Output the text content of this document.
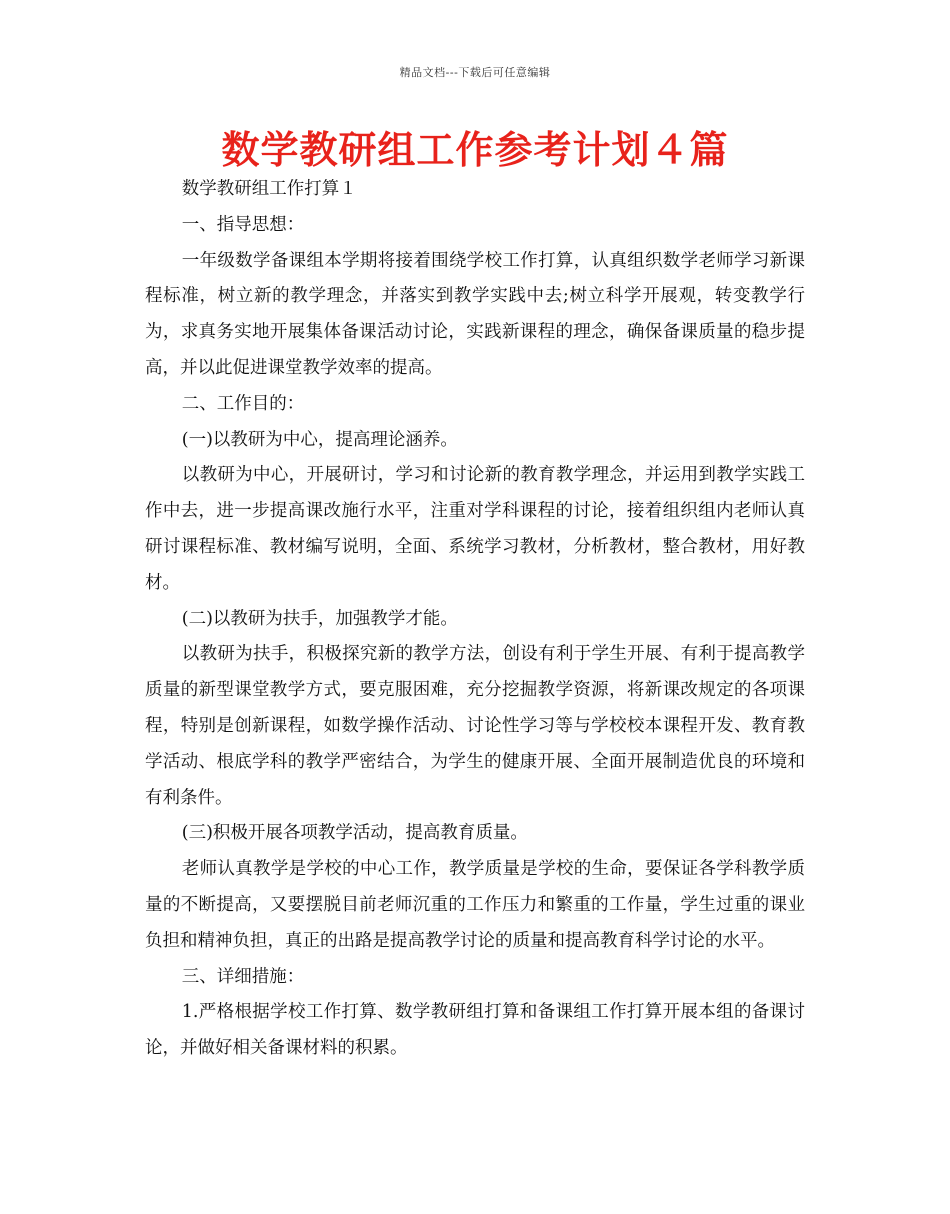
精品文档---下载后可任意编辑
数学教研组工作参考计划４篇

数学教研组工作打算１

一、指导思想：

一年级数学备课组本学期将接着围绕学校工作打算，认真组织数学老师学习新课程标准，树立新的教学理念，并落实到教学实践中去;树立科学开展观，转变教学行为，求真务实地开展集体备课活动讨论，实践新课程的理念，确保备课质量的稳步提高，并以此促进课堂教学效率的提高。

二、工作目的：

(一)以教研为中心，提高理论涵养。

以教研为中心，开展研讨，学习和讨论新的教育教学理念，并运用到教学实践工作中去，进一步提高课改施行水平，注重对学科课程的讨论，接着组织组内老师认真研讨课程标准、教材编写说明，全面、系统学习教材，分析教材，整合教材，用好教材。

(二)以教研为扶手，加强教学才能。

以教研为扶手，积极探究新的教学方法，创设有利于学生开展、有利于提高教学质量的新型课堂教学方式，要克服困难，充分挖掘教学资源，将新课改规定的各项课程，特别是创新课程，如数学操作活动、讨论性学习等与学校校本课程开发、教育教学活动、根底学科的教学严密结合，为学生的健康开展、全面开展制造优良的环境和有利条件。

(三)积极开展各项教学活动，提高教育质量。

老师认真教学是学校的中心工作，教学质量是学校的生命，要保证各学科教学质量的不断提高，又要摆脱目前老师沉重的工作压力和繁重的工作量，学生过重的课业负担和精神负担，真正的出路是提高教学讨论的质量和提高教育科学讨论的水平。

三、详细措施：

1.严格根据学校工作打算、数学教研组打算和备课组工作打算开展本组的备课讨论，并做好相关备课材料的积累。
